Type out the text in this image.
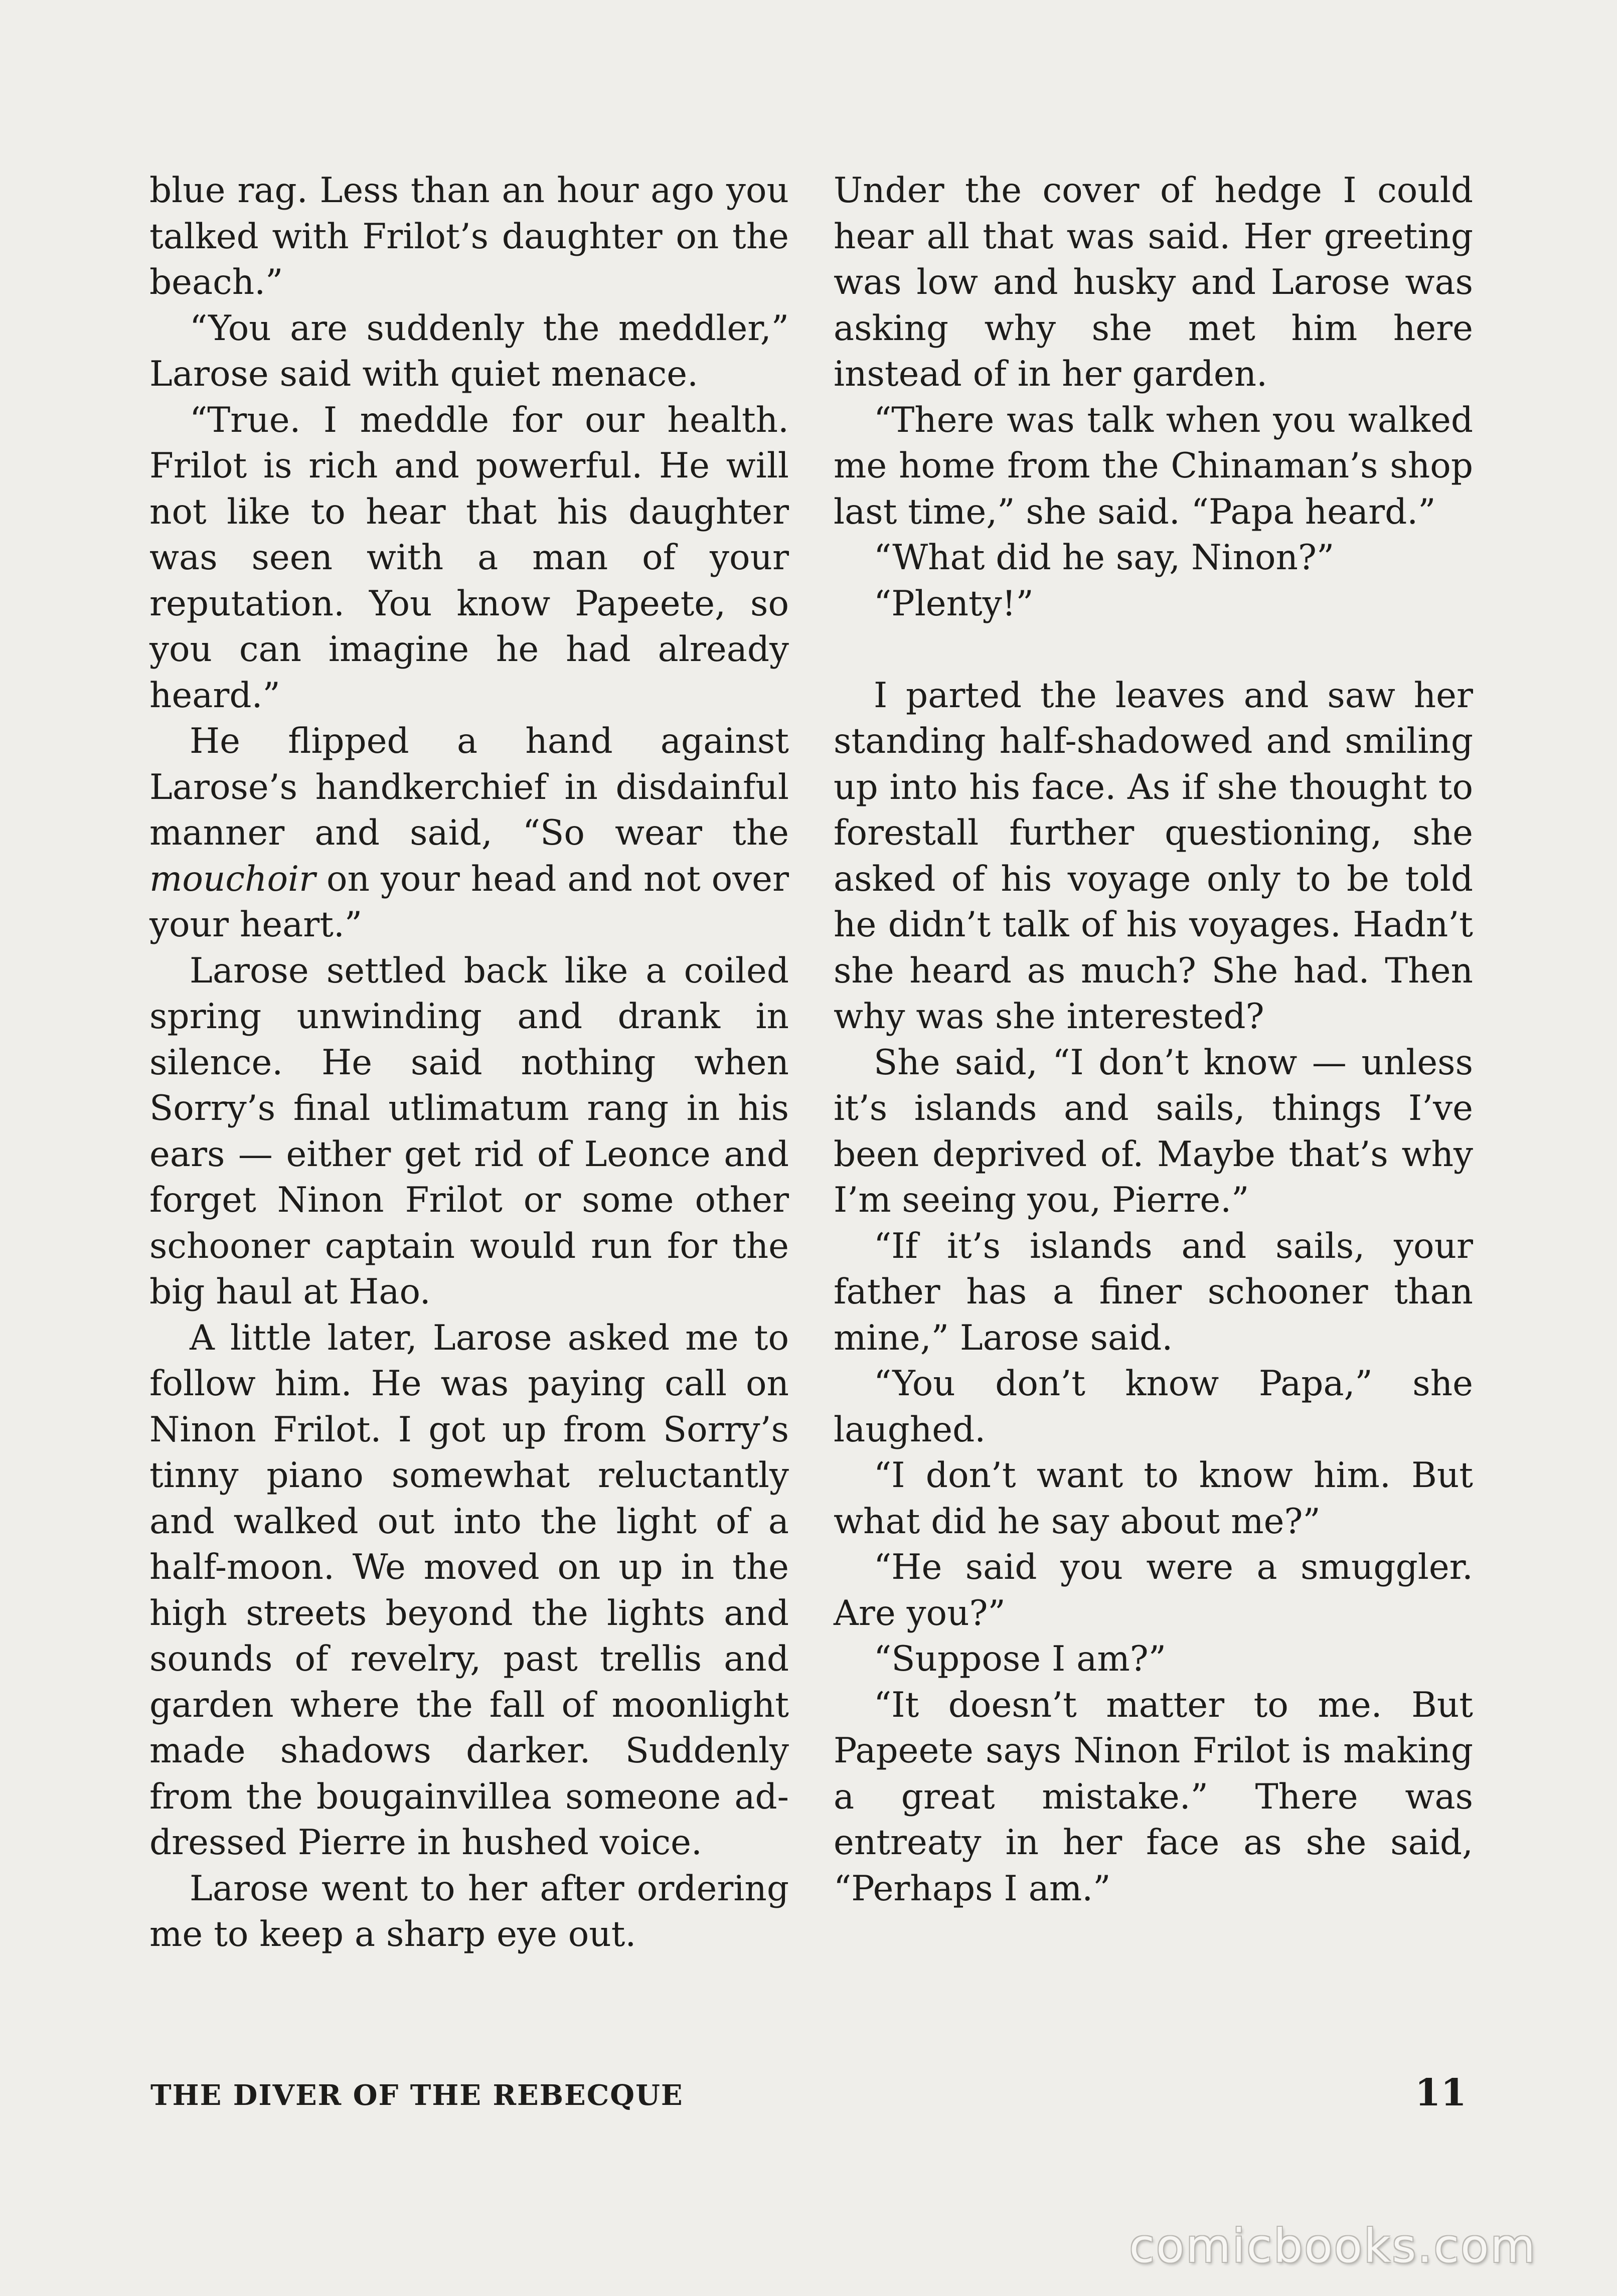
blue rag. Less than an hour ago you talked with Frilot’s daughter on the beach.”

“You are suddenly the meddler,” Larose said with quiet menace.

“True. I meddle for our health. Frilot is rich and powerful. He will not like to hear that his daughter was seen with a man of your reputation. You know Papeete, so you can imagine he had already heard.”

He flipped a hand against Larose’s handkerchief in disdainful manner and said, “So wear the mouchoir on your head and not over your heart.”

Larose settled back like a coiled spring unwinding and drank in silence. He said nothing when Sorry’s final utlimatum rang in his ears — either get rid of Leonce and forget Ninon Frilot or some other schooner captain would run for the big haul at Hao.

A little later, Larose asked me to follow him. He was paying call on Ninon Frilot. I got up from Sorry’s tinny piano somewhat reluctantly and walked out into the light of a half-moon. We moved on up in the high streets beyond the lights and sounds of revelry, past trellis and garden where the fall of moonlight made shadows darker. Suddenly from the bougainvillea someone addressed Pierre in hushed voice.

Larose went to her after ordering me to keep a sharp eye out.

Under the cover of hedge I could hear all that was said. Her greeting was low and husky and Larose was asking why she met him here instead of in her garden.

“There was talk when you walked me home from the Chinaman’s shop last time,” she said. “Papa heard.”

“What did he say, Ninon?”

“Plenty!”

I parted the leaves and saw her standing half-shadowed and smiling up into his face. As if she thought to forestall further questioning, she asked of his voyage only to be told he didn’t talk of his voyages. Hadn’t she heard as much? She had. Then why was she interested?

She said, “I don’t know — unless it’s islands and sails, things I’ve been deprived of. Maybe that’s why I’m seeing you, Pierre.”

“If it’s islands and sails, your father has a finer schooner than mine,” Larose said.

“You don’t know Papa,” she laughed.

“I don’t want to know him. But what did he say about me?”

“He said you were a smuggler. Are you?”

“Suppose I am?”

“It doesn’t matter to me. But Papeete says Ninon Frilot is making a great mistake.” There was entreaty in her face as she said, “Perhaps I am.”

THE DIVER OF THE REBECQUE	11
comicbooks.com
